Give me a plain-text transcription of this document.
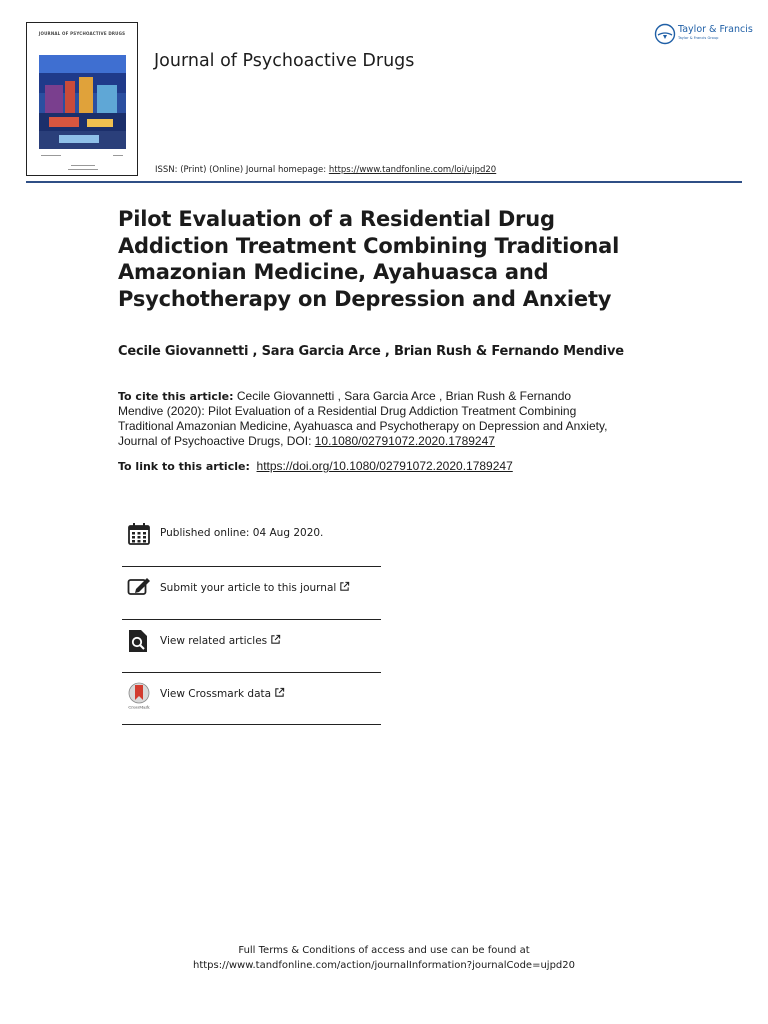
JOURNAL OF PSYCHOACTIVE DRUGS
Journal of Psychoactive Drugs
Taylor & Francis
Taylor & Francis Group
ISSN: (Print) (Online) Journal homepage: https://www.tandfonline.com/loi/ujpd20
Pilot Evaluation of a Residential Drug Addiction Treatment Combining Traditional Amazonian Medicine, Ayahuasca and Psychotherapy on Depression and Anxiety
Cecile Giovannetti , Sara Garcia Arce , Brian Rush & Fernando Mendive
To cite this article: Cecile Giovannetti , Sara Garcia Arce , Brian Rush & Fernando Mendive (2020): Pilot Evaluation of a Residential Drug Addiction Treatment Combining Traditional Amazonian Medicine, Ayahuasca and Psychotherapy on Depression and Anxiety, Journal of Psychoactive Drugs, DOI: 10.1080/02791072.2020.1789247
To link to this article: https://doi.org/10.1080/02791072.2020.1789247
Published online: 04 Aug 2020.
Submit your article to this journal
View related articles
CrossMark
View Crossmark data
Full Terms & Conditions of access and use can be found at
https://www.tandfonline.com/action/journalInformation?journalCode=ujpd20
